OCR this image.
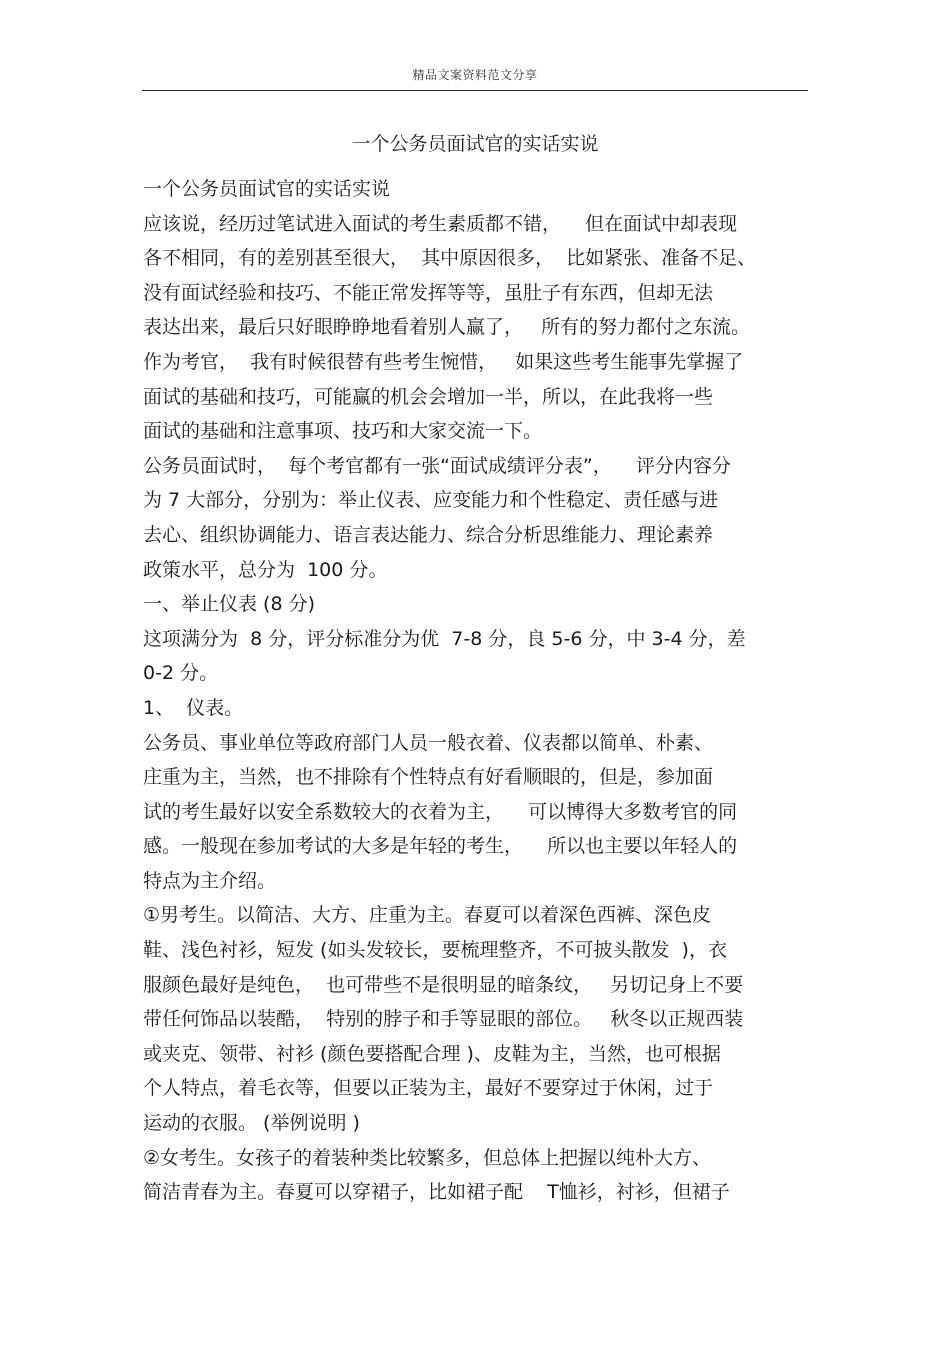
精品文案资料范文分享
一个公务员面试官的实话实说
一个公务员面试官的实话实说
应该说，经历过笔试进入面试的考生素质都不错，    但在面试中却表现
各不相同，有的差别甚至很大，  其中原因很多，  比如紧张、准备不足、
没有面试经验和技巧、不能正常发挥等等，虽肚子有东西，但却无法
表达出来，最后只好眼睁睁地看着别人赢了，   所有的努力都付之东流。
作为考官，  我有时候很替有些考生惋惜，   如果这些考生能事先掌握了
面试的基础和技巧，可能赢的机会会增加一半，所以，在此我将一些
面试的基础和注意事项、技巧和大家交流一下。
公务员面试时，  每个考官都有一张“面试成绩评分表”，    评分内容分
为 7 大部分，分别为：举止仪表、应变能力和个性稳定、责任感与进
去心、组织协调能力、语言表达能力、综合分析思维能力、理论素养
政策水平，总分为  100 分。
一、举止仪表 (8 分)
这项满分为  8 分，评分标准分为优  7-8 分，良 5-6 分，中 3-4 分，差
0-2 分。
1、  仪表。
公务员、事业单位等政府部门人员一般衣着、仪表都以简单、朴素、
庄重为主，当然，也不排除有个性特点有好看顺眼的，但是，参加面
试的考生最好以安全系数较大的衣着为主，    可以博得大多数考官的同
感。一般现在参加考试的大多是年轻的考生，    所以也主要以年轻人的
特点为主介绍。
①男考生。以简洁、大方、庄重为主。春夏可以着深色西裤、深色皮
鞋、浅色衬衫，短发 (如头发较长，要梳理整齐，不可披头散发  )，衣
服颜色最好是纯色，  也可带些不是很明显的暗条纹，   另切记身上不要
带任何饰品以装酷，  特别的脖子和手等显眼的部位。   秋冬以正规西装
或夹克、领带、衬衫 (颜色要搭配合理 )、皮鞋为主，当然，也可根据
个人特点，着毛衣等，但要以正装为主，最好不要穿过于休闲，过于
运动的衣服。 (举例说明 )
②女考生。女孩子的着装种类比较繁多，但总体上把握以纯朴大方、
简洁青春为主。春夏可以穿裙子，比如裙子配    T恤衫，衬衫，但裙子
